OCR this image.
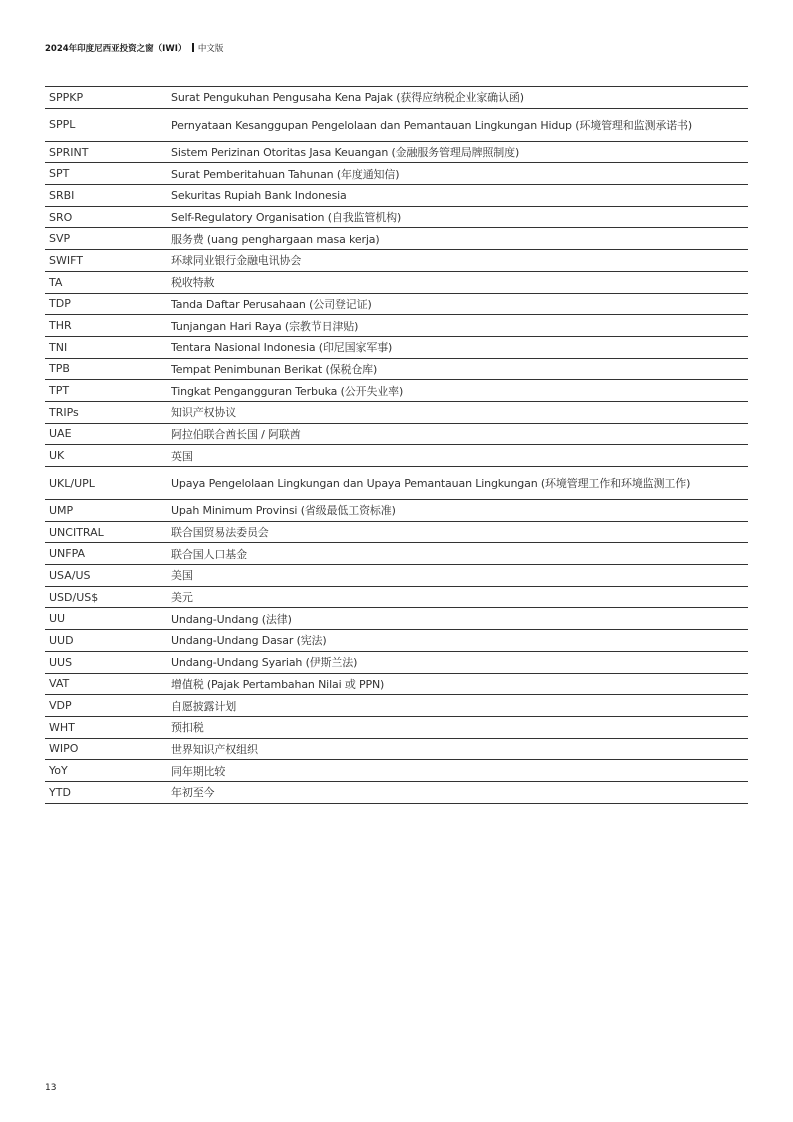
2024年印度尼西亚投资之窗（IWI） 中文版
SPPKP	Surat Pengukuhan Pengusaha Kena Pajak (获得应纳税企业家确认函)
SPPL	Pernyataan Kesanggupan Pengelolaan dan Pemantauan Lingkungan Hidup (环境管理和监测承诺书)
SPRINT	Sistem Perizinan Otoritas Jasa Keuangan (金融服务管理局牌照制度)
SPT	Surat Pemberitahuan Tahunan (年度通知信)
SRBI	Sekuritas Rupiah Bank Indonesia
SRO	Self-Regulatory Organisation (自我监管机构)
SVP	服务费 (uang penghargaan masa kerja)
SWIFT	环球同业银行金融电讯协会
TA	税收特赦
TDP	Tanda Daftar Perusahaan (公司登记证)
THR	Tunjangan Hari Raya (宗教节日津贴)
TNI	Tentara Nasional Indonesia (印尼国家军事)
TPB	Tempat Penimbunan Berikat (保税仓库)
TPT	Tingkat Pengangguran Terbuka (公开失业率)
TRIPs	知识产权协议
UAE	阿拉伯联合酋长国 / 阿联酋
UK	英国
UKL/UPL	Upaya Pengelolaan Lingkungan dan Upaya Pemantauan Lingkungan (环境管理工作和环境监测工作)
UMP	Upah Minimum Provinsi (省级最低工资标准)
UNCITRAL	联合国贸易法委员会
UNFPA	联合国人口基金
USA/US	美国
USD/US$	美元
UU	Undang-Undang (法律)
UUD	Undang-Undang Dasar (宪法)
UUS	Undang-Undang Syariah (伊斯兰法)
VAT	增值税 (Pajak Pertambahan Nilai 或 PPN)
VDP	自愿披露计划
WHT	预扣税
WIPO	世界知识产权组织
YoY	同年期比较
YTD	年初至今
13
